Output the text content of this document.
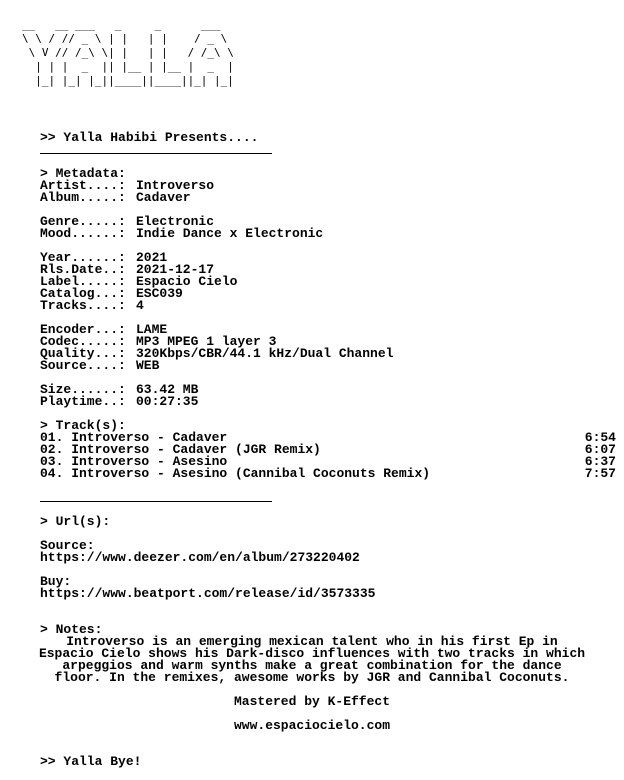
__   __ ___   _     _      ___
\ \ / // _ \ | |   | |    / _ \
\ V // /_\ \| |   | |   / /_\ \
| | |  _  || |__ | |__ |  _  |
|_| |_| |_||____||____||_| |_|
>> Yalla Habibi Presents....
> Metadata:
Artist....: Introverso
Album.....: Cadaver
Genre.....: Electronic
Mood......: Indie Dance x Electronic
Year......: 2021
Rls.Date..: 2021-12-17
Label.....: Espacio Cielo
Catalog...: ESC039
Tracks....: 4
Encoder...: LAME
Codec.....: MP3 MPEG 1 layer 3
Quality...: 320Kbps/CBR/44.1 kHz/Dual Channel
Source....: WEB
Size......: 63.42 MB
Playtime..: 00:27:35
> Track(s):
01. Introverso - Cadaver	6:54
02. Introverso - Cadaver (JGR Remix)	6:07
03. Introverso - Asesino	6:37
04. Introverso - Asesino (Cannibal Coconuts Remix)	7:57
> Url(s):
Source:
https://www.deezer.com/en/album/273220402
Buy:
https://www.beatport.com/release/id/3573335
> Notes:
Introverso is an emerging mexican talent who in his first Ep in
Espacio Cielo shows his Dark-disco influences with two tracks in which
arpeggios and warm synths make a great combination for the dance
floor. In the remixes, awesome works by JGR and Cannibal Coconuts.
Mastered by K-Effect
www.espaciocielo.com
>> Yalla Bye!
